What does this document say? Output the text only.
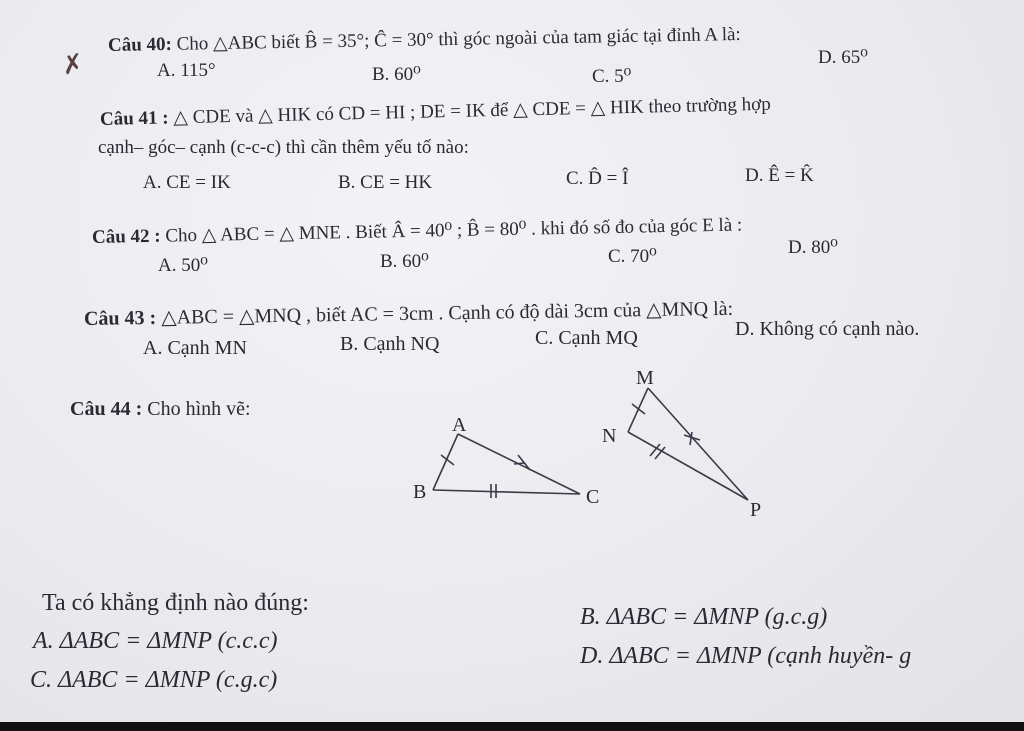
✗
Câu 40: Cho △ABC biết B̂ = 35°; Ĉ = 30° thì góc ngoài của tam giác tại đỉnh A là:
A. 115°	B. 60⁰	C. 5⁰
D. 65⁰
Câu 41 : △ CDE và △ HIK có CD = HI ; DE = IK để △ CDE = △ HIK theo trường hợp
cạnh– góc– cạnh (c-c-c) thì cần thêm yếu tố nào:
A. CE = IK	B. CE = HK	C. D̂ = Î	D. Ê = K̂
Câu 42 : Cho △ ABC = △ MNE . Biết Â = 40⁰ ; B̂ = 80⁰ . khi đó số đo của góc E là :
A. 50⁰	B. 60⁰	C. 70⁰	D. 80⁰
Câu 43 : △ABC = △MNQ , biết AC = 3cm . Cạnh có độ dài 3cm của △MNQ là:
A. Cạnh MN	B. Cạnh NQ	C. Cạnh MQ	D. Không có cạnh nào.
Câu 44 : Cho hình vẽ:
A
B	C
M
N
P
Ta có khẳng định nào đúng:
A. ΔABC = ΔMNP (c.c.c)
B. ΔABC = ΔMNP (g.c.g)
C. ΔABC = ΔMNP (c.g.c)
D. ΔABC = ΔMNP (cạnh huyền- g
